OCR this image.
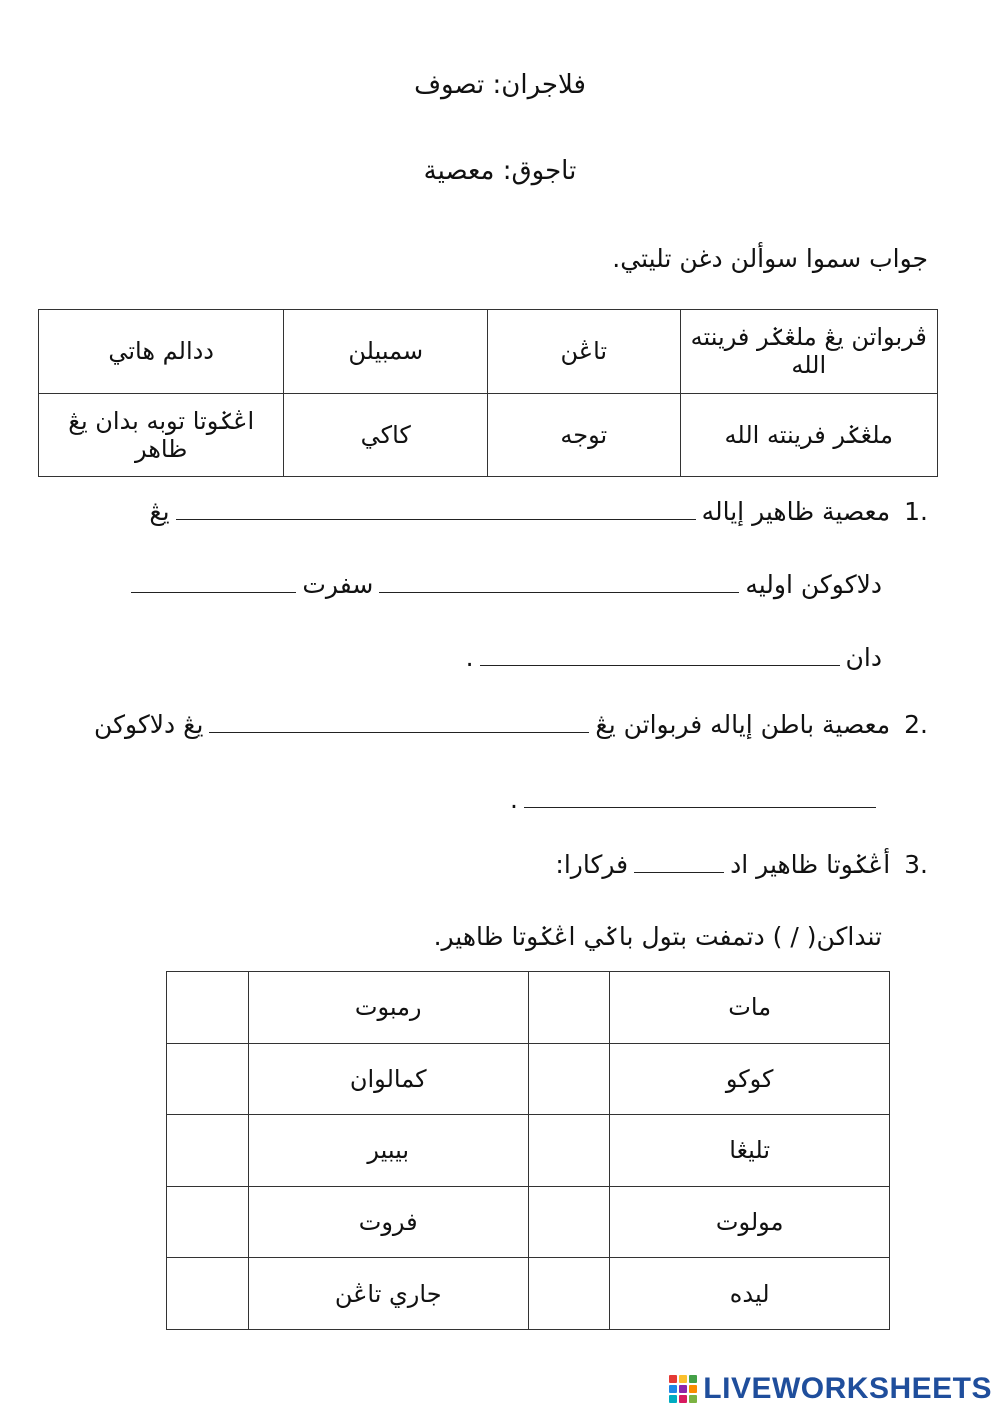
فلاجران: تصوف
تاجوق: معصية
جواب سموا سوألن دغن تليتي.
ڤربواتن يڠ ملڠݢر فرينته الله	تاڠن	سمبيلن	ددالم هاتي
ملڠݢر فرينته الله	توجه	كاكي	اڠݢوتا توبه بدان يڠ ظاهر
1.معصية ظاهير إيالهيڠ
دلاكوكن اوليهسفرت
دان.
2.معصية باطن إياله فربواتن يڠيڠ دلاكوكن
.
3.أڠݢوتا ظاهير ادفركارا:
تنداكن( / ) دتمفت بتول باݢي اڠݢوتا ظاهير.
مات		رمبوت	
كوكو		كمالوان	
تليڠا		بيبير	
مولوت		فروت	
ليده		جاري تاڠن	
LIVEWORKSHEETS
